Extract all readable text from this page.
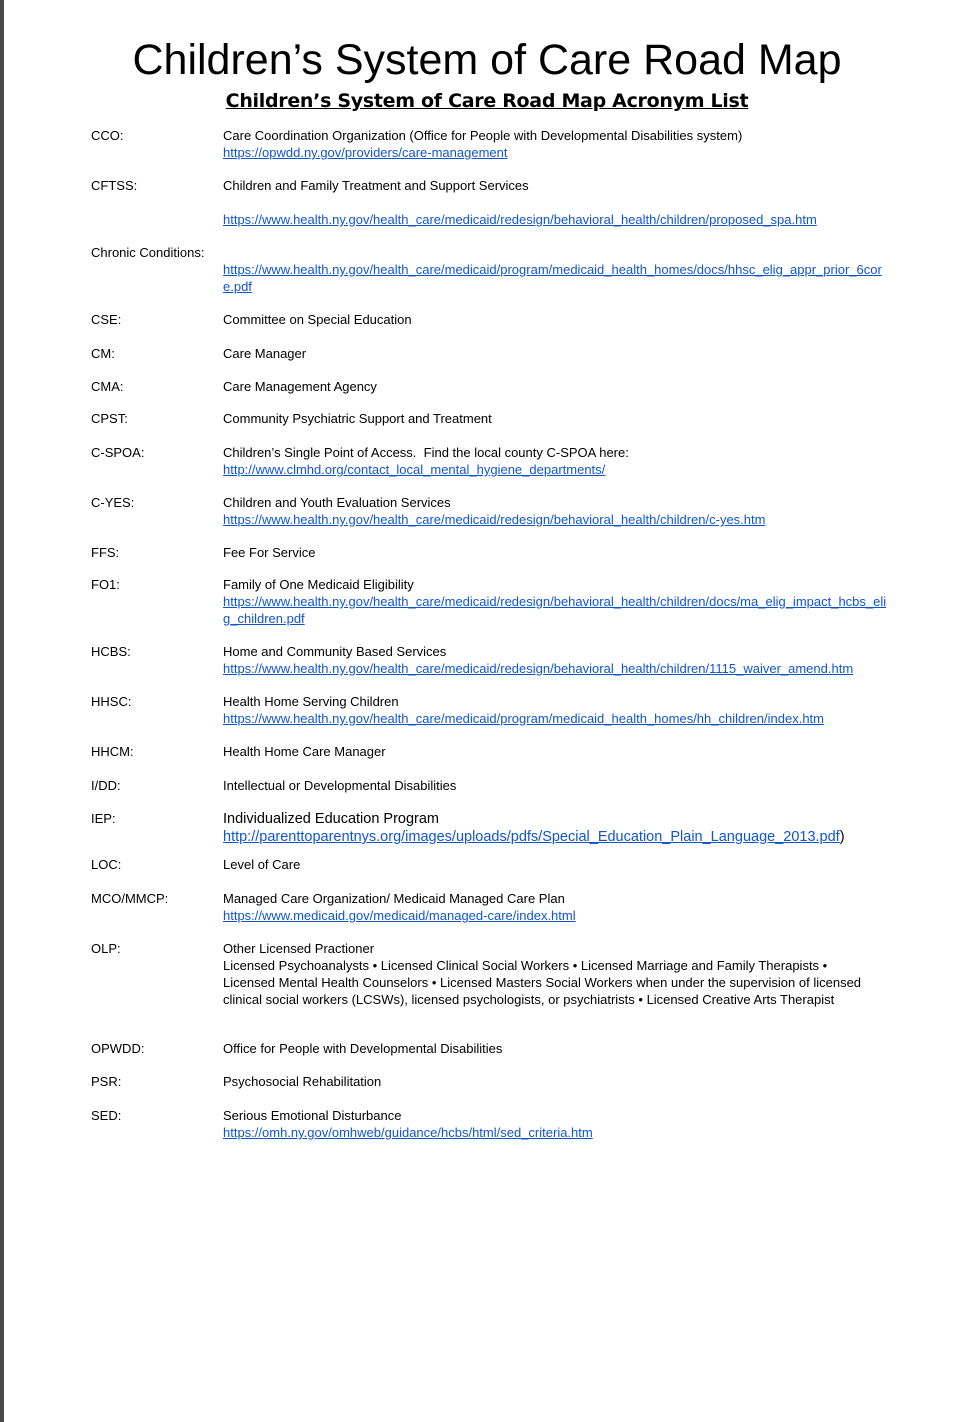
Children’s System of Care Road Map
Children’s System of Care Road Map Acronym List
CCO:	Care Coordination Organization (Office for People with Developmental Disabilities system)
https://opwdd.ny.gov/providers/care-management
CFTSS:	Children and Family Treatment and Support Services
https://www.health.ny.gov/health_care/medicaid/redesign/behavioral_health/children/proposed_spa.htm
Chronic Conditions:
https://www.health.ny.gov/health_care/medicaid/program/medicaid_health_homes/docs/hhsc_elig_appr_prior_6core.pdf
CSE:	Committee on Special Education
CM:	Care Manager
CMA:	Care Management Agency
CPST:	Community Psychiatric Support and Treatment
C-SPOA:	Children’s Single Point of Access.  Find the local county C-SPOA here:
http://www.clmhd.org/contact_local_mental_hygiene_departments/
C-YES:	Children and Youth Evaluation Services
https://www.health.ny.gov/health_care/medicaid/redesign/behavioral_health/children/c-yes.htm
FFS:	Fee For Service
FO1:	Family of One Medicaid Eligibility
https://www.health.ny.gov/health_care/medicaid/redesign/behavioral_health/children/docs/ma_elig_impact_hcbs_elig_children.pdf
HCBS:	Home and Community Based Services
https://www.health.ny.gov/health_care/medicaid/redesign/behavioral_health/children/1115_waiver_amend.htm
HHSC:	Health Home Serving Children
https://www.health.ny.gov/health_care/medicaid/program/medicaid_health_homes/hh_children/index.htm
HHCM:	Health Home Care Manager
I/DD:	Intellectual or Developmental Disabilities
IEP:	Individualized Education Program
http://parenttoparentnys.org/images/uploads/pdfs/Special_Education_Plain_Language_2013.pdf)
LOC:	Level of Care
MCO/MMCP:	Managed Care Organization/ Medicaid Managed Care Plan
https://www.medicaid.gov/medicaid/managed-care/index.html
OLP:	Other Licensed Practioner
Licensed Psychoanalysts • Licensed Clinical Social Workers • Licensed Marriage and Family Therapists • Licensed Mental Health Counselors • Licensed Masters Social Workers when under the supervision of licensed clinical social workers (LCSWs), licensed psychologists, or psychiatrists • Licensed Creative Arts Therapist
OPWDD:	Office for People with Developmental Disabilities
PSR:	Psychosocial Rehabilitation
SED:	Serious Emotional Disturbance
https://omh.ny.gov/omhweb/guidance/hcbs/html/sed_criteria.htm
